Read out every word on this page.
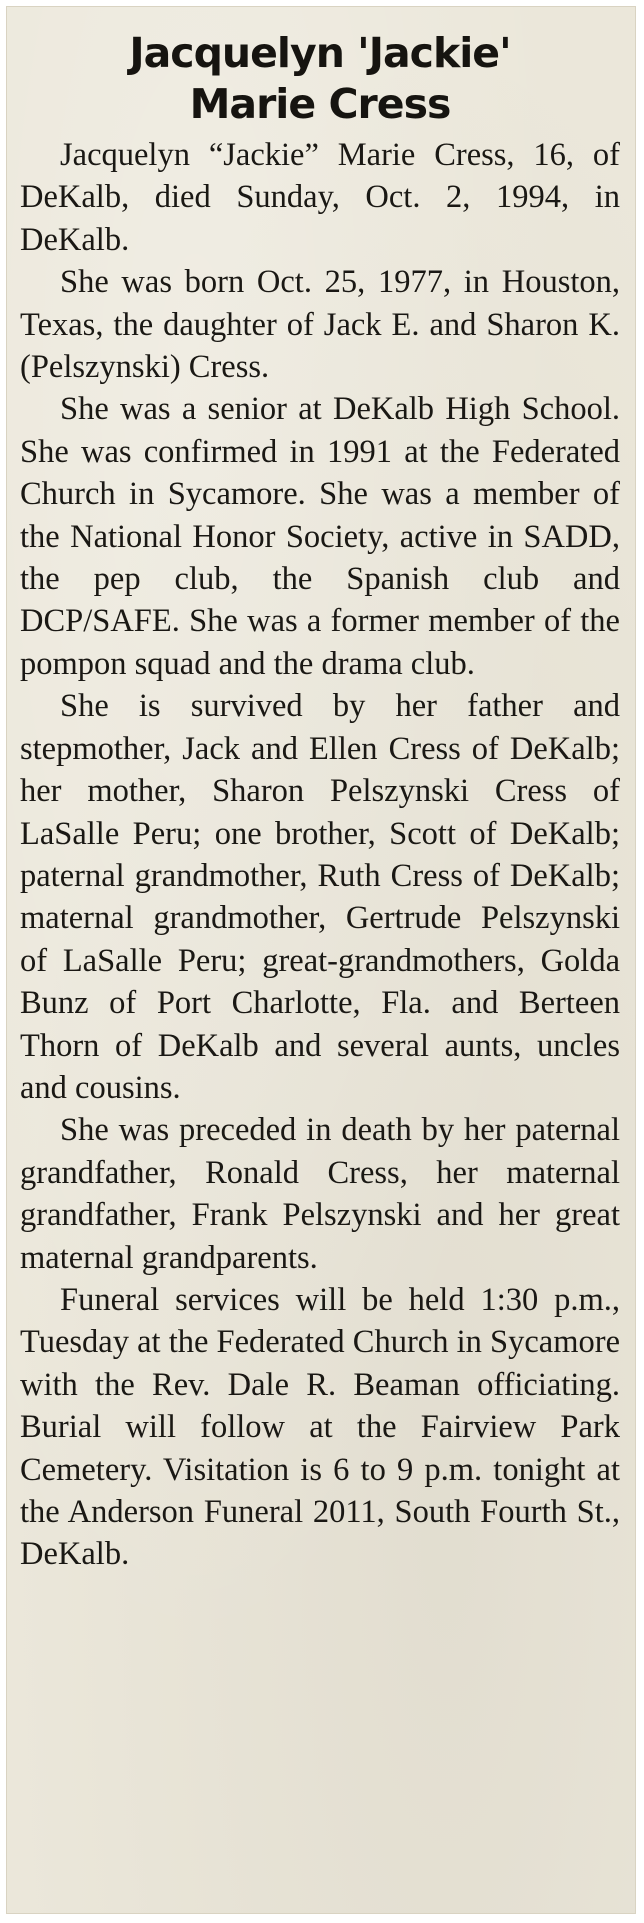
Jacquelyn 'Jackie'
Marie Cress

Jacquelyn “Jackie” Marie Cress, 16, of DeKalb, died Sunday, Oct. 2, 1994, in DeKalb.

She was born Oct. 25, 1977, in Houston, Texas, the daughter of Jack E. and Sharon K. (Pelszynski) Cress.

She was a senior at DeKalb High School. She was confirmed in 1991 at the Federated Church in Sycamore. She was a member of the National Honor Society, active in SADD, the pep club, the Spanish club and DCP/SAFE. She was a former member of the pompon squad and the drama club.

She is survived by her father and stepmother, Jack and Ellen Cress of DeKalb; her mother, Sharon Pelszynski Cress of LaSalle Peru; one brother, Scott of DeKalb; paternal grandmother, Ruth Cress of DeKalb; maternal grandmother, Gertrude Pelszynski of LaSalle Peru; great-grandmothers, Golda Bunz of Port Charlotte, Fla. and Berteen Thorn of DeKalb and several aunts, uncles and cousins.

She was preceded in death by her paternal grandfather, Ronald Cress, her maternal grandfather, Frank Pelszynski and her great maternal grandparents.

Funeral services will be held 1:30 p.m., Tuesday at the Federated Church in Sycamore with the Rev. Dale R. Beaman officiating. Burial will follow at the Fairview Park Cemetery. Visitation is 6 to 9 p.m. tonight at the Anderson Funeral 2011, South Fourth St., DeKalb.
